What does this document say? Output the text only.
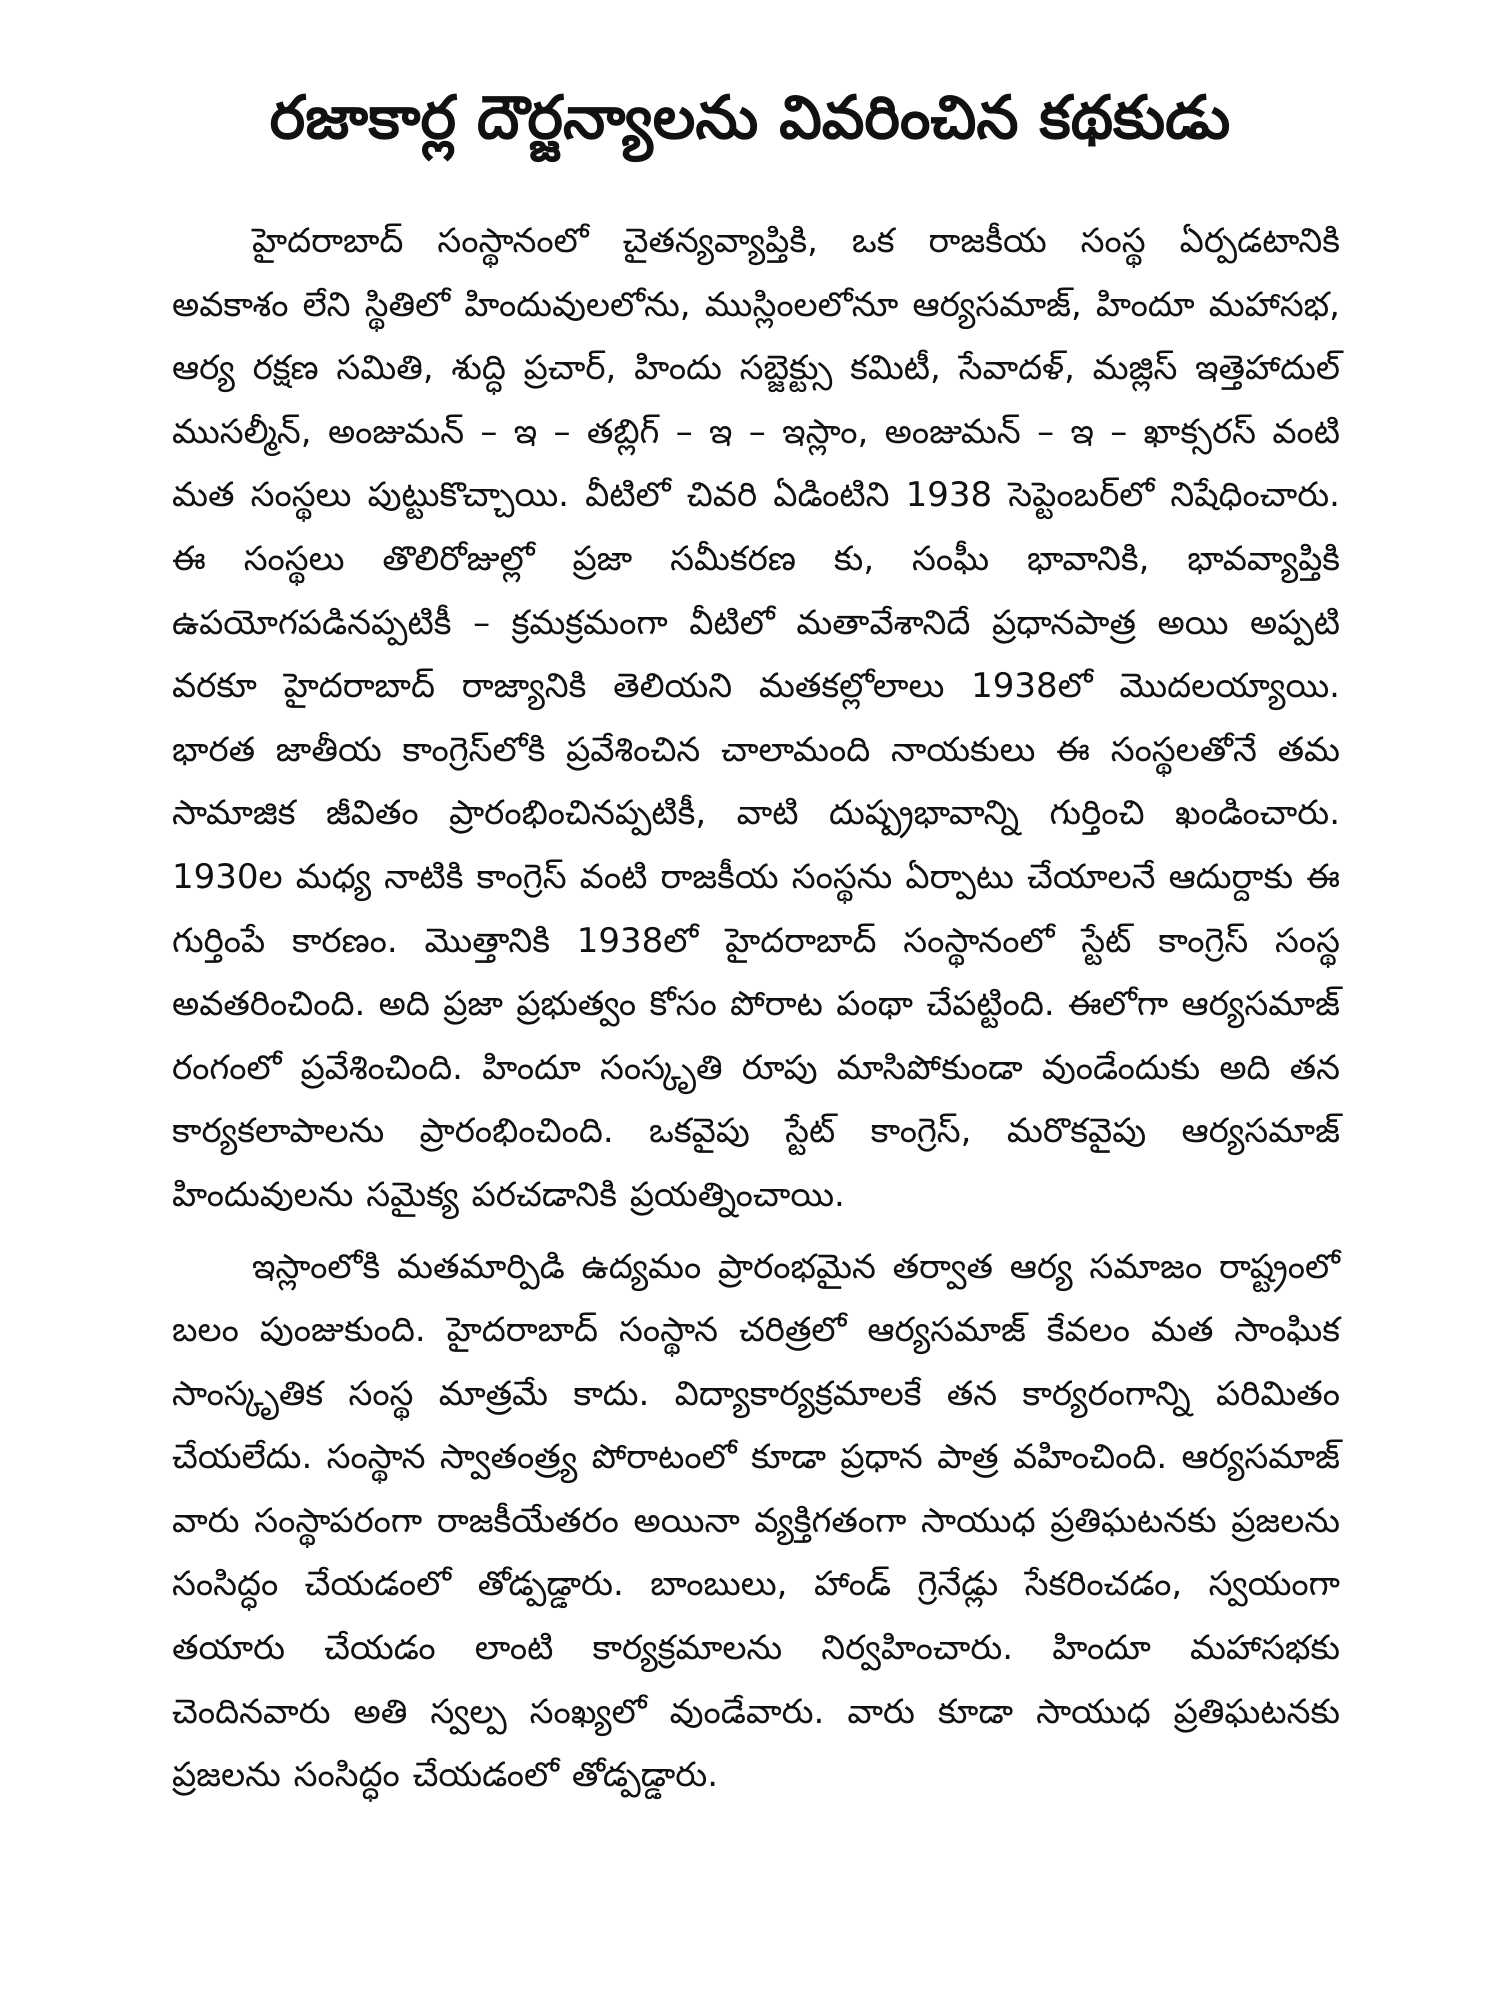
రజాకార్ల దౌర్జన్యాలను వివరించిన కథకుడు

హైదరాబాద్ సంస్థానంలో చైతన్యవ్యాప్తికి, ఒక రాజకీయ సంస్థ ఏర్పడటానికి అవకాశం లేని స్థితిలో హిందువులలోను, ముస్లింలలోనూ ఆర్యసమాజ్, హిందూ మహాసభ, ఆర్య రక్షణ సమితి, శుద్ధి ప్రచార్, హిందు సబ్జెక్ట్సు కమిటీ, సేవాదళ్, మజ్లిస్ ఇత్తెహాదుల్ ముసల్మీన్, అంజుమన్ – ఇ – తబ్లిగ్ – ఇ – ఇస్లాం, అంజుమన్ – ఇ – ఖాక్సరస్ వంటి మత సంస్థలు పుట్టుకొచ్చాయి. వీటిలో చివరి ఏడింటిని 1938 సెప్టెంబర్‌లో నిషేధించారు. ఈ సంస్థలు తొలిరోజుల్లో ప్రజా సమీకరణ కు, సంఘీ భావానికి, భావవ్యాప్తికి ఉపయోగపడినప్పటికీ – క్రమక్రమంగా వీటిలో మతావేశానిదే ప్రధానపాత్ర అయి అప్పటి వరకూ హైదరాబాద్ రాజ్యానికి తెలియని మతకల్లోలాలు 1938లో మొదలయ్యాయి. భారత జాతీయ కాంగ్రెస్‌లోకి ప్రవేశించిన చాలామంది నాయకులు ఈ సంస్థలతోనే తమ సామాజిక జీవితం ప్రారంభించినప్పటికీ, వాటి దుష్ప్రభావాన్ని గుర్తించి ఖండించారు. 1930ల మధ్య నాటికి కాంగ్రెస్ వంటి రాజకీయ సంస్థను ఏర్పాటు చేయాలనే ఆదుర్దాకు ఈ గుర్తింపే కారణం. మొత్తానికి 1938లో హైదరాబాద్ సంస్థానంలో స్టేట్ కాంగ్రెస్ సంస్థ అవతరించింది. అది ప్రజా ప్రభుత్వం కోసం పోరాట పంథా చేపట్టింది. ఈలోగా ఆర్యసమాజ్ రంగంలో ప్రవేశించింది. హిందూ సంస్కృతి రూపు మాసిపోకుండా వుండేందుకు అది తన కార్యకలాపాలను ప్రారంభించింది. ఒకవైపు స్టేట్ కాంగ్రెస్, మరొకవైపు ఆర్యసమాజ్ హిందువులను సమైక్య పరచడానికి ప్రయత్నించాయి.

ఇస్లాంలోకి మతమార్పిడి ఉద్యమం ప్రారంభమైన తర్వాత ఆర్య సమాజం రాష్ట్రంలో బలం పుంజుకుంది. హైదరాబాద్ సంస్థాన చరిత్రలో ఆర్యసమాజ్ కేవలం మత సాంఘిక సాంస్కృతిక సంస్థ మాత్రమే కాదు. విద్యాకార్యక్రమాలకే తన కార్యరంగాన్ని పరిమితం చేయలేదు. సంస్థాన స్వాతంత్ర్య పోరాటంలో కూడా ప్రధాన పాత్ర వహించింది. ఆర్యసమాజ్ వారు సంస్థాపరంగా రాజకీయేతరం అయినా వ్యక్తిగతంగా సాయుధ ప్రతిఘటనకు ప్రజలను సంసిద్ధం చేయడంలో తోడ్పడ్డారు. బాంబులు, హాండ్ గ్రెనేడ్లు సేకరించడం, స్వయంగా తయారు చేయడం లాంటి కార్యక్రమాలను నిర్వహించారు. హిందూ మహాసభకు చెందినవారు అతి స్వల్ప సంఖ్యలో వుండేవారు. వారు కూడా సాయుధ ప్రతిఘటనకు ప్రజలను సంసిద్ధం చేయడంలో తోడ్పడ్డారు.
